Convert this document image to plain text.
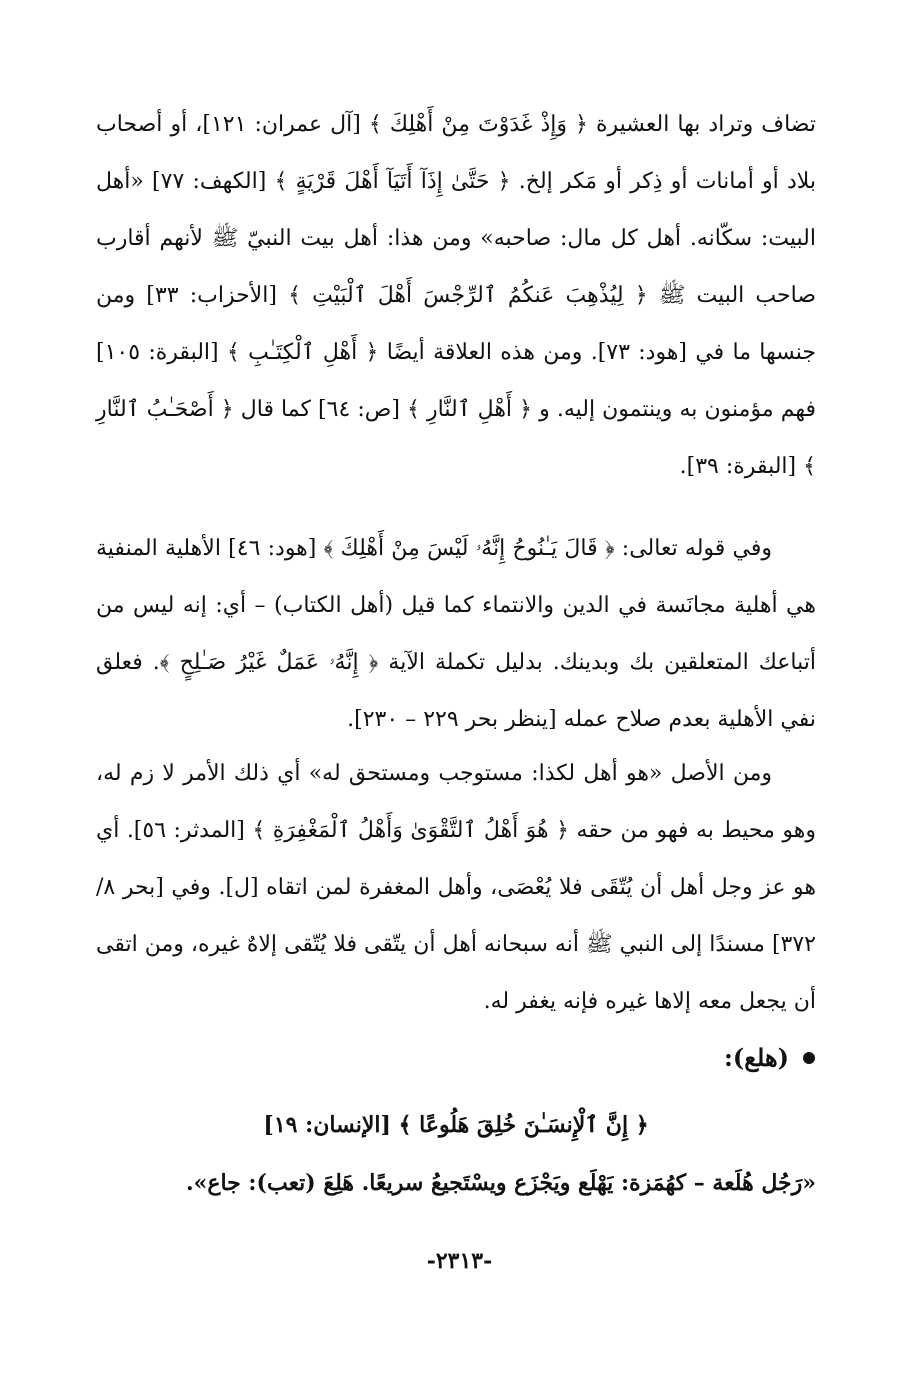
تضاف وتراد بها العشيرة ﴿ وَإِذْ غَدَوْتَ مِنْ أَهْلِكَ ﴾ [آل عمران: ١٢١]، أو أصحاب بلاد أو أمانات أو ذِكر أو مَكر إلخ. ﴿ حَتَّىٰ إِذَآ أَتَيَآ أَهْلَ قَرْيَةٍ ﴾ [الكهف: ٧٧] «أهل البيت: سكّانه. أهل كل مال: صاحبه» ومن هذا: أهل بيت النبيّ ﷺ لأنهم أقارب صاحب البيت ﷺ ﴿ لِيُذْهِبَ عَنكُمُ ٱلرِّجْسَ أَهْلَ ٱلْبَيْتِ ﴾ [الأحزاب: ٣٣] ومن جنسها ما في [هود: ٧٣]. ومن هذه العلاقة أيضًا ﴿ أَهْلِ ٱلْكِتَـٰبِ ﴾ [البقرة: ١٠٥] فهم مؤمنون به وينتمون إليه. و ﴿ أَهْلِ ٱلنَّارِ ﴾ [ص: ٦٤] كما قال ﴿ أَصْحَـٰبُ ٱلنَّارِ ﴾ [البقرة: ٣٩].

وفي قوله تعالى: ﴿ قَالَ يَـٰنُوحُ إِنَّهُۥ لَيْسَ مِنْ أَهْلِكَ ﴾ [هود: ٤٦] الأهلية المنفية هي أهلية مجانَسة في الدين والانتماء كما قيل (أهل الكتاب) – أي: إنه ليس من أتباعك المتعلقين بك وبدينك. بدليل تكملة الآية ﴿ إِنَّهُۥ عَمَلٌ غَيْرُ صَـٰلِحٍ ﴾. فعلق نفي الأهلية بعدم صلاح عمله [ينظر بحر ٢٢٩ – ٢٣٠].

ومن الأصل «هو أهل لكذا: مستوجب ومستحق له» أي ذلك الأمر لا زم له، وهو محيط به فهو من حقه ﴿ هُوَ أَهْلُ ٱلتَّقْوَىٰ وَأَهْلُ ٱلْمَغْفِرَةِ ﴾ [المدثر: ٥٦]. أي هو عز وجل أهل أن يُتّقَى فلا يُعْصَى، وأهل المغفرة لمن اتقاه [ل]. وفي [بحر ٨/ ٣٧٢] مسندًا إلى النبي ﷺ أنه سبحانه أهل أن يتّقى فلا يُتّقى إلاهٌ غيره، ومن اتقى أن يجعل معه إلاها غيره فإنه يغفر له.

(هلع):
﴿ إِنَّ ٱلْإِنسَـٰنَ خُلِقَ هَلُوعًا ﴾ [الإنسان: ١٩]
«رَجُل هُلَعة – كهُمَزة: يَهْلَع ويَجْزَع ويسْتَجيعُ سريعًا. هَلِعَ (تعب): جاع».
-٢٣١٣-
